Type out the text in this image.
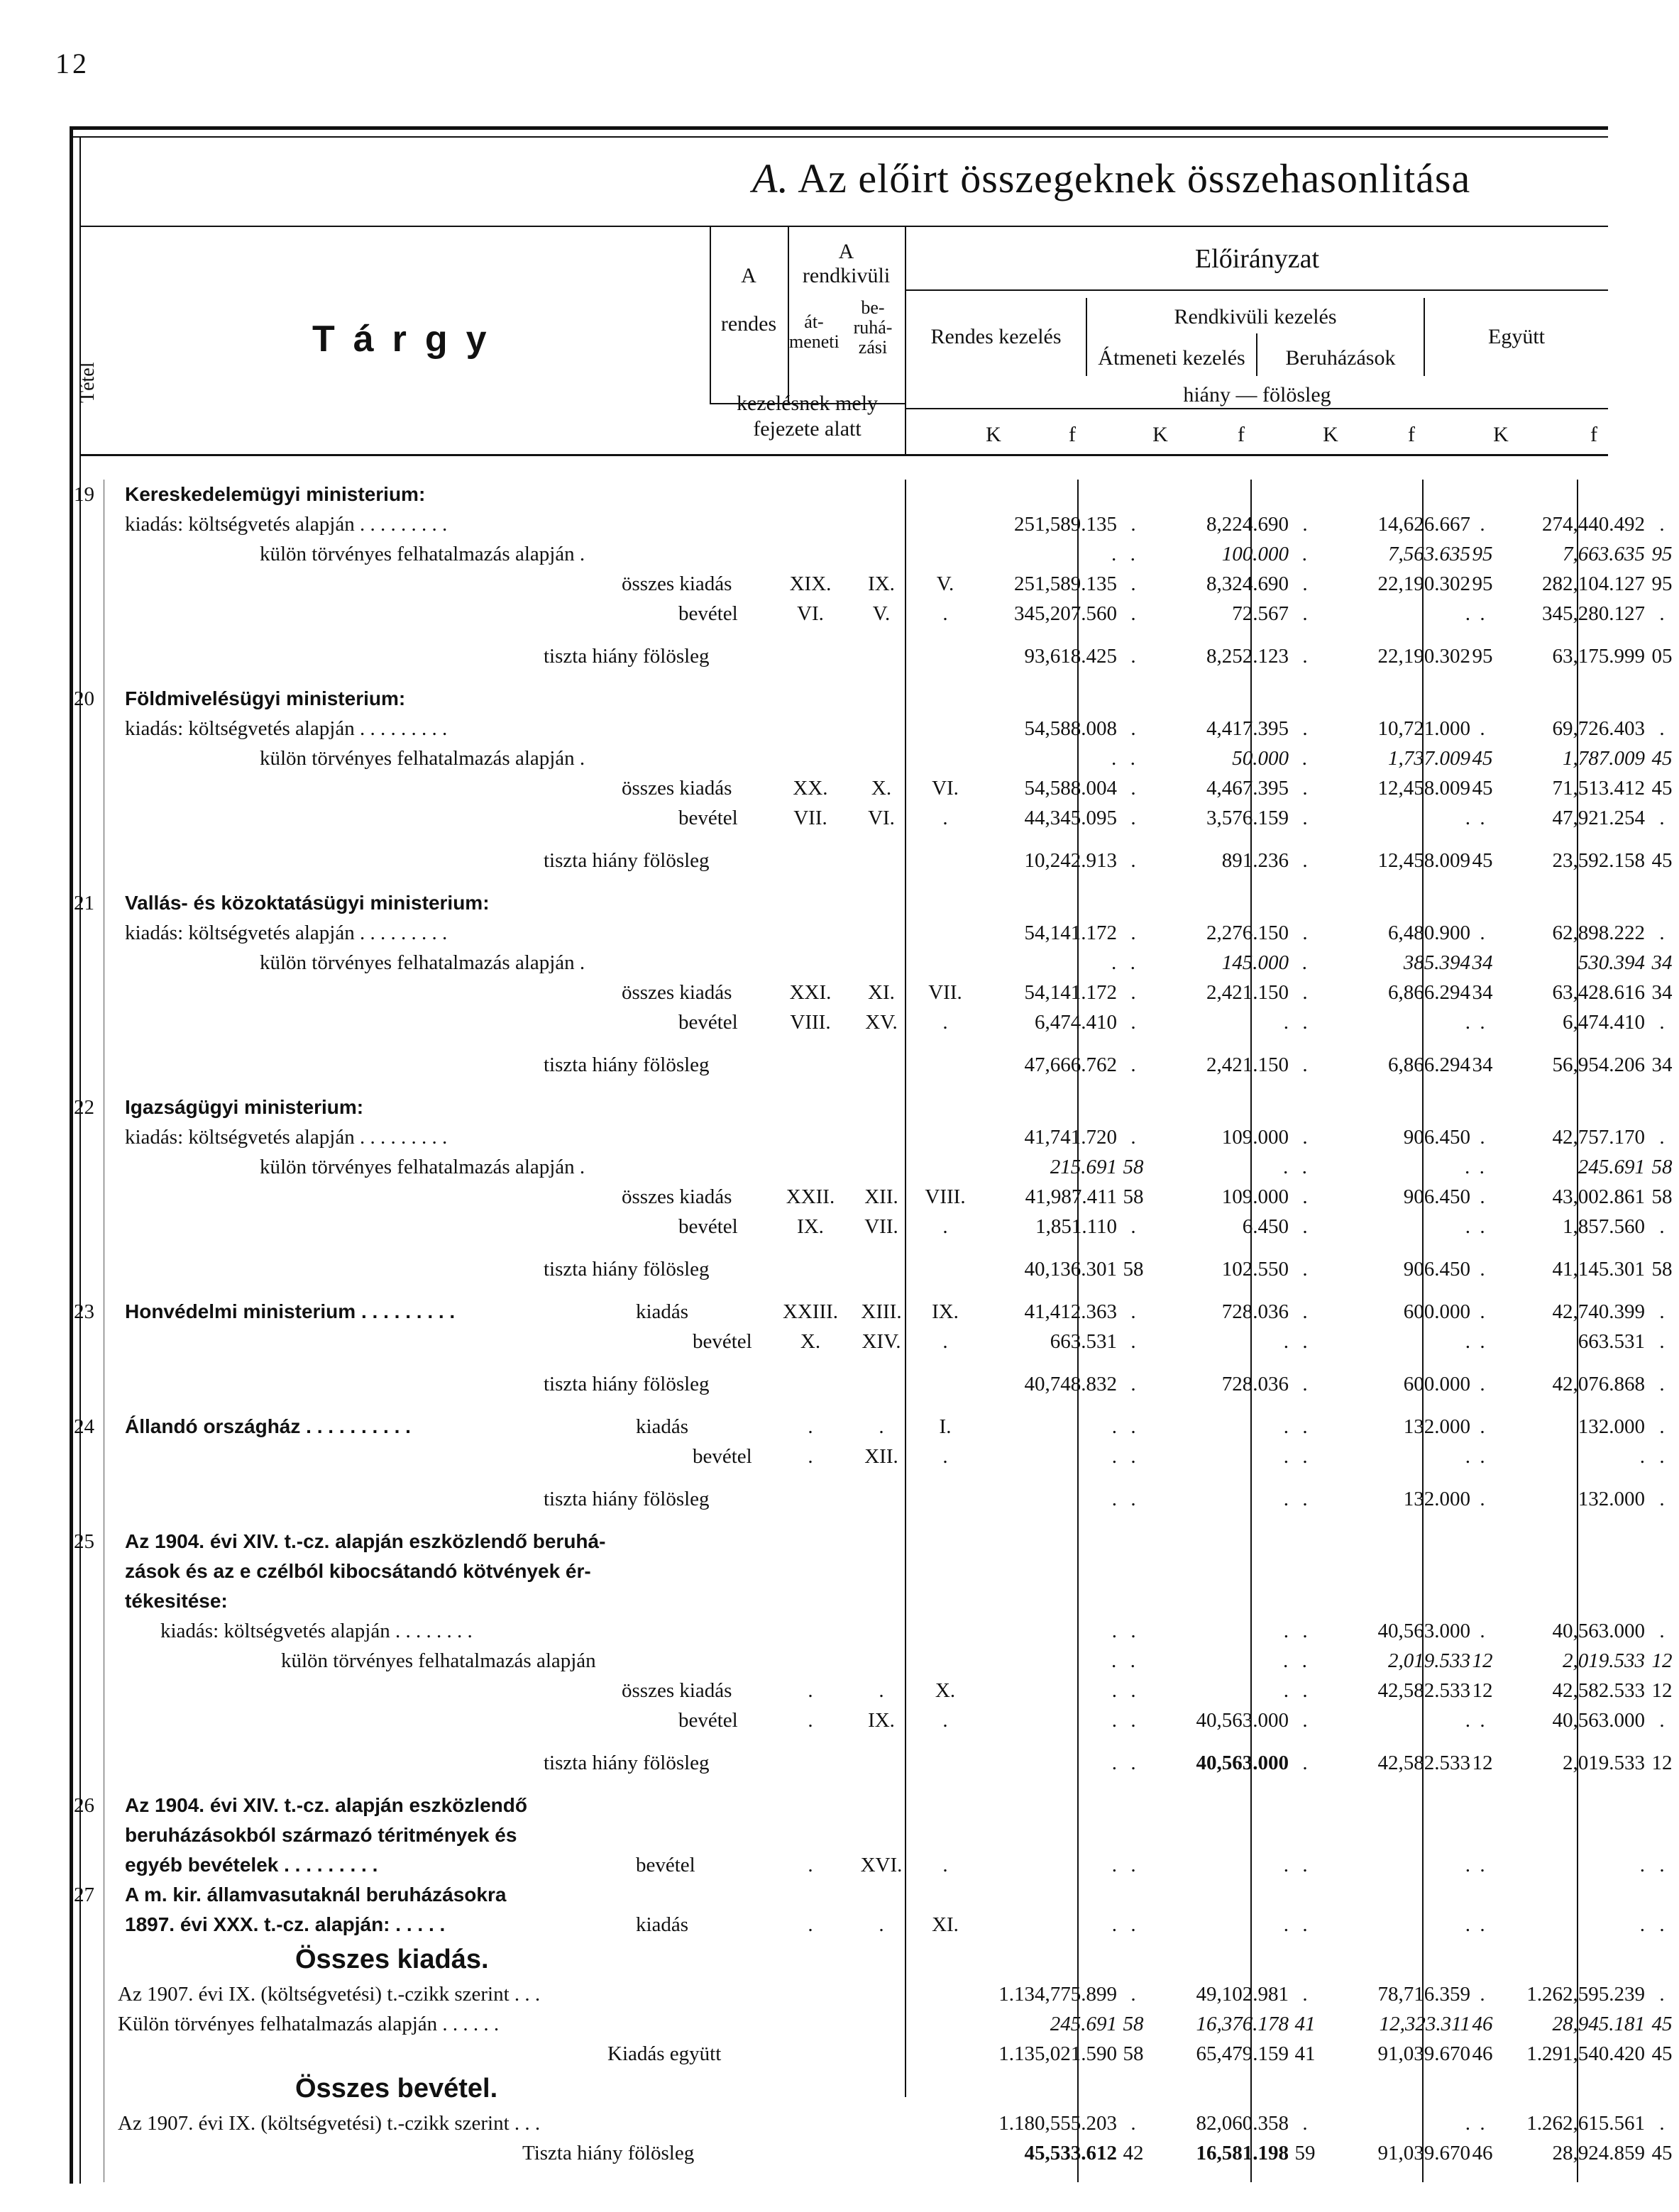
12
A. Az előirt összegeknek összehasonlitása
Tétel
Tárgy
A
rendes
A
rendkivüli
át-
meneti
be-
ruhá-
zási
kezelésnek mely
fejezete alatt
Előirányzat
Rendes kezelés
Rendkivüli kezelés
Átmeneti kezelés	Beruházások
Együtt
hiány — fölösleg
K	f	K	f	K	f	K	f
19	Kereskedelemügyi ministerium:
kiadás: költségvetés alapján . . . . . . . . .	251,589.135 .	8,224.690 .	14,626.667 .	274,440.492 .
külön törvényes felhatalmazás alapján .	. .	100.000 .	7,563.635 95	7,663.635 95
összes kiadás	XIX.	IX.	V.	251,589.135 .	8,324.690 .	22,190.302 95	282,104.127 95
bevétel	VI.	V.	.	345,207.560 .	72.567 .	. .	345,280.127 .
tiszta hiány fölösleg	93,618.425 .	8,252.123 .	22,190.302 95	63,175.999 05
20	Földmivelésügyi ministerium:
kiadás: költségvetés alapján . . . . . . . . .	54,588.008 .	4,417.395 .	10,721.000 .	69,726.403 .
külön törvényes felhatalmazás alapján .	. .	50.000 .	1,737.009 45	1,787.009 45
összes kiadás	XX.	X.	VI.	54,588.004 .	4,467.395 .	12,458.009 45	71,513.412 45
bevétel	VII.	VI.	.	44,345.095 .	3,576.159 .	. .	47,921.254 .
tiszta hiány fölösleg	10,242.913 .	891.236 .	12,458.009 45	23,592.158 45
21	Vallás- és közoktatásügyi ministerium:
kiadás: költségvetés alapján . . . . . . . . .	54,141.172 .	2,276.150 .	6,480.900 .	62,898.222 .
külön törvényes felhatalmazás alapján .	. .	145.000 .	385.394 34	530.394 34
összes kiadás	XXI.	XI.	VII.	54,141.172 .	2,421.150 .	6,866.294 34	63,428.616 34
bevétel	VIII.	XV.	.	6,474.410 .	. .	. .	6,474.410 .
tiszta hiány fölösleg	47,666.762 .	2,421.150 .	6,866.294 34	56,954.206 34
22	Igazságügyi ministerium:
kiadás: költségvetés alapján . . . . . . . . .	41,741.720 .	109.000 .	906.450 .	42,757.170 .
külön törvényes felhatalmazás alapján .	215.691 58	. .	. .	245.691 58
összes kiadás	XXII.	XII.	VIII.	41,987.411 58	109.000 .	906.450 .	43,002.861 58
bevétel	IX.	VII.	.	1,851.110 .	6.450 .	. .	1,857.560 .
tiszta hiány fölösleg	40,136.301 58	102.550 .	906.450 .	41,145.301 58
23	Honvédelmi ministerium . . . . . . . . .	kiadás	XXIII.	XIII.	IX.	41,412.363 .	728.036 .	600.000 .	42,740.399 .
bevétel	X.	XIV.	.	663.531 .	. .	. .	663.531 .
tiszta hiány fölösleg	40,748.832 .	728.036 .	600.000 .	42,076.868 .
24	Állandó országház . . . . . . . . . .	kiadás	.	.	I.	. .	. .	132.000 .	132.000 .
bevétel	.	XII.	.	. .	. .	. .	. .
tiszta hiány fölösleg	. .	. .	132.000 .	132.000 .
25	Az 1904. évi XIV. t.-cz. alapján eszközlendő beruhá-
zások és az e czélból kibocsátandó kötvények ér-
tékesitése:
kiadás: költségvetés alapján . . . . . . . .	. .	. .	40,563.000 .	40,563.000 .
külön törvényes felhatalmazás alapján	. .	. .	2,019.533 12	2,019.533 12
összes kiadás	.	.	X.	. .	. .	42,582.533 12	42,582.533 12
bevétel	.	IX.	.	. .	40,563.000 .	. .	40,563.000 .
tiszta hiány fölösleg	. .	40,563.000 .	42,582.533 12	2,019.533 12
26	Az 1904. évi XIV. t.-cz. alapján eszközlendő
beruházásokból származó téritmények és
egyéb bevételek . . . . . . . . .	bevétel	.	XVI.	.	. .	. .	. .	. .
27	A m. kir. államvasutaknál beruházásokra
1897. évi XXX. t.-cz. alapján: . . . . .	kiadás	.	.	XI.	. .	. .	. .	. .
Összes kiadás.
Az 1907. évi IX. (költségvetési) t.-czikk szerint . . .	1.134,775.899 .	49,102.981 .	78,716.359 .	1.262,595.239 .
Külön törvényes felhatalmazás alapján . . . . . .	245.691 58	16,376.178 41	12,323.311 46	28,945.181 45
Kiadás együtt	1.135,021.590 58	65,479.159 41	91,039.670 46	1.291,540.420 45
Összes bevétel.
Az 1907. évi IX. (költségvetési) t.-czikk szerint . . .	1.180,555.203 .	82,060.358 .	. .	1.262,615.561 .
Tiszta hiány fölösleg	45,533.612 42	16,581.198 59	91,039.670 46	28,924.859 45
